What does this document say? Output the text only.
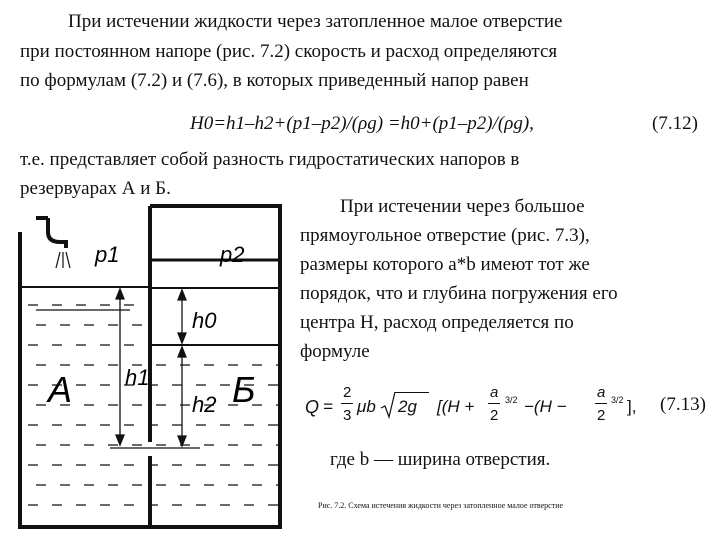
При истечении жидкости через затопленное малое отверстие
при постоянном напоре (рис. 7.2) скорость и расход определяются
по формулам (7.2) и (7.6), в которых приведенный напор равен
H0=h1–h2+(p1–p2)/(ρg) =h0+(p1–p2)/(ρg),	(7.12)
т.е. представляет собой разность гидростатических напоров в
резервуарах А и Б.
При истечении через большое
прямоугольное отверстие (рис. 7.3),
размеры которого a*b имеют тот же
порядок, что и глубина погружения его
центра H, расход определяется по
формуле
Q =
2
3 μb 2g [(H +
a
2
3/2 −(H −
a
2
3/2 ], (7.13)
где b — ширина отверстия.
p1	p2
h0
h1
h2
А	Б
Рис. 7.2. Схема истечения жидкости через затопленное малое отверстие
